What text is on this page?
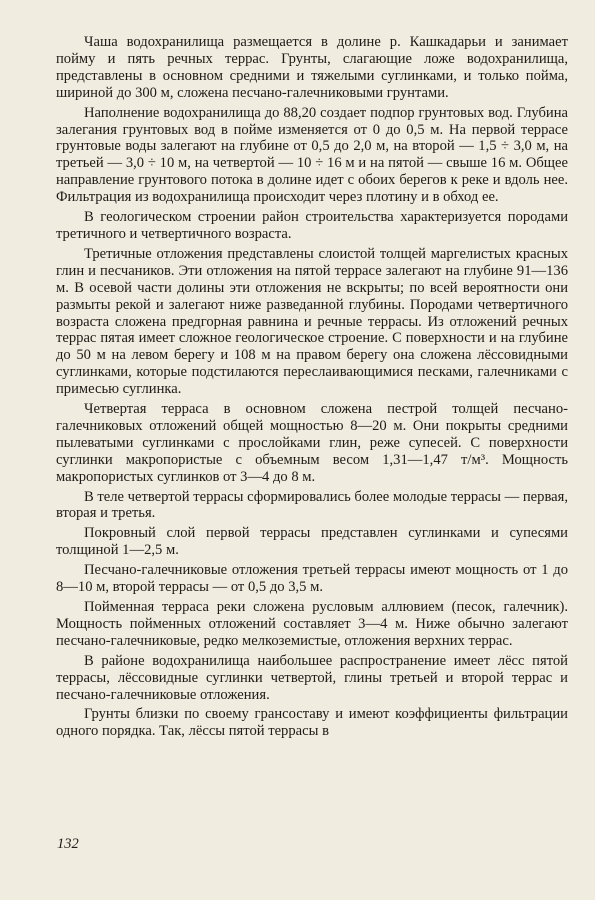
Чаша водохранилища размещается в долине р. Кашкадарьи и занимает пойму и пять речных террас. Грунты, слагающие ложе водохранилища, представлены в основном средними и тяжелыми суглинками, и только пойма, шириной до 300 м, сложена песчано-галечниковыми грунтами.

Наполнение водохранилища до 88,20 создает подпор грунтовых вод. Глубина залегания грунтовых вод в пойме изменяется от 0 до 0,5 м. На первой террасе грунтовые воды залегают на глубине от 0,5 до 2,0 м, на второй — 1,5 ÷ 3,0 м, на третьей — 3,0 ÷ 10 м, на четвертой — 10 ÷ 16 м и на пятой — свыше 16 м. Общее направление грунтового потока в долине идет с обоих берегов к реке и вдоль нее. Фильтрация из водохранилища происходит через плотину и в обход ее.

В геологическом строении район строительства характеризуется породами третичного и четвертичного возраста.

Третичные отложения представлены слоистой толщей маргелистых красных глин и песчаников. Эти отложения на пятой террасе залегают на глубине 91—136 м. В осевой части долины эти отложения не вскрыты; по всей вероятности они размыты рекой и залегают ниже разведанной глубины. Породами четвертичного возраста сложена предгорная равнина и речные террасы. Из отложений речных террас пятая имеет сложное геологическое строение. С поверхности и на глубине до 50 м на левом берегу и 108 м на правом берегу она сложена лёссовидными суглинками, которые подстилаются переслаивающимися песками, галечниками с примесью суглинка.

Четвертая терраса в основном сложена пестрой толщей песчано-галечниковых отложений общей мощностью 8—20 м. Они покрыты средними пылеватыми суглинками с прослойками глин, реже супесей. С поверхности суглинки макропористые с объемным весом 1,31—1,47 т/м³. Мощность макропористых суглинков от 3—4 до 8 м.

В теле четвертой террасы сформировались более молодые террасы — первая, вторая и третья.

Покровный слой первой террасы представлен суглинками и супесями толщиной 1—2,5 м.

Песчано-галечниковые отложения третьей террасы имеют мощность от 1 до 8—10 м, второй террасы — от 0,5 до 3,5 м.

Пойменная терраса реки сложена русловым аллювием (песок, галечник). Мощность пойменных отложений составляет 3—4 м. Ниже обычно залегают песчано-галечниковые, редко мелкоземистые, отложения верхних террас.

В районе водохранилища наибольшее распространение имеет лёсс пятой террасы, лёссовидные суглинки четвертой, глины третьей и второй террас и песчано-галечниковые отложения.

Грунты близки по своему грансоставу и имеют коэффициенты фильтрации одного порядка. Так, лёссы пятой террасы в

132
